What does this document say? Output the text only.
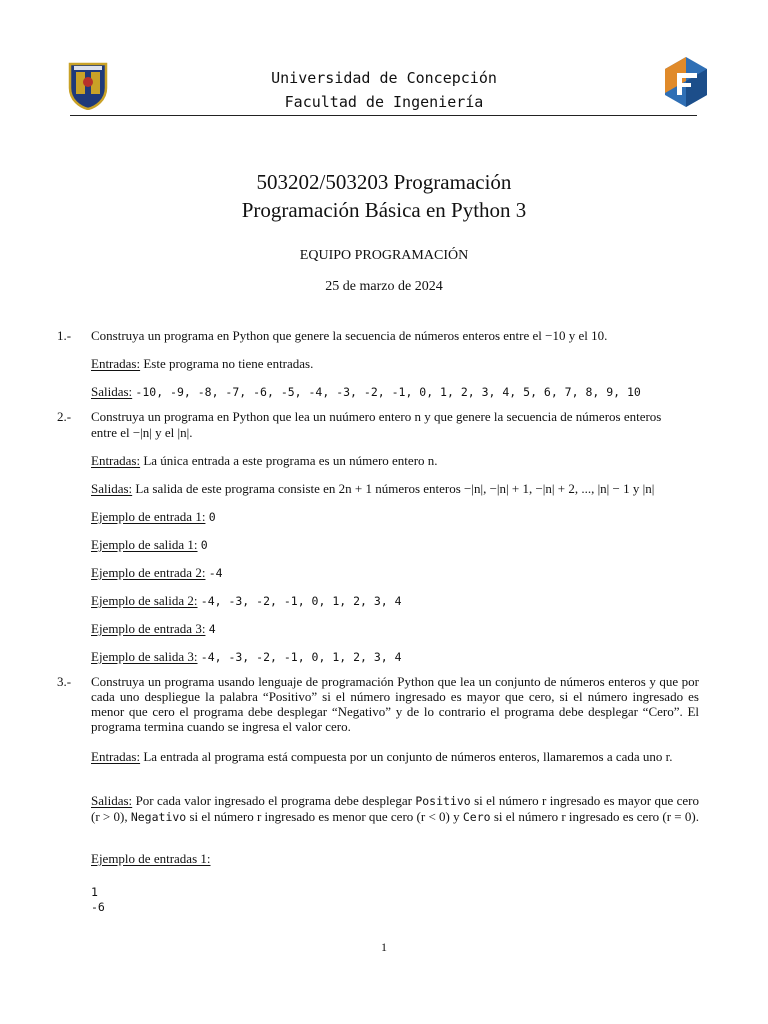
Universidad de Concepción
Facultad de Ingeniería
503202/503203 Programación
Programación Básica en Python 3
EQUIPO PROGRAMACIÓN
25 de marzo de 2024
1.- Construya un programa en Python que genere la secuencia de números enteros entre el −10 y el 10.
Entradas: Este programa no tiene entradas.
Salidas: -10, -9, -8, -7, -6, -5, -4, -3, -2, -1, 0, 1, 2, 3, 4, 5, 6, 7, 8, 9, 10
2.- Construya un programa en Python que lea un nuúmero entero n y que genere la secuencia de números enteros
entre el −|n| y el |n|.
Entradas: La única entrada a este programa es un número entero n.
Salidas: La salida de este programa consiste en 2n + 1 números enteros −|n|, −|n| + 1, −|n| + 2, ..., |n| − 1 y |n|
Ejemplo de entrada 1: 0
Ejemplo de salida 1: 0
Ejemplo de entrada 2: -4
Ejemplo de salida 2: -4, -3, -2, -1, 0, 1, 2, 3, 4
Ejemplo de entrada 3: 4
Ejemplo de salida 3: -4, -3, -2, -1, 0, 1, 2, 3, 4
3.- Construya un programa usando lenguaje de programación Python que lea un conjunto de números enteros y que por cada uno despliegue la palabra “Positivo” si el número ingresado es mayor que cero, si el número ingresado es menor que cero el programa debe desplegar “Negativo” y de lo contrario el programa debe desplegar “Cero”. El programa termina cuando se ingresa el valor cero.
Entradas: La entrada al programa está compuesta por un conjunto de números enteros, llamaremos a cada uno r.
Salidas: Por cada valor ingresado el programa debe desplegar Positivo si el número r ingresado es mayor que cero (r > 0), Negativo si el número r ingresado es menor que cero (r < 0) y Cero si el número r ingresado es cero (r = 0).
Ejemplo de entradas 1:
1
-6
1
